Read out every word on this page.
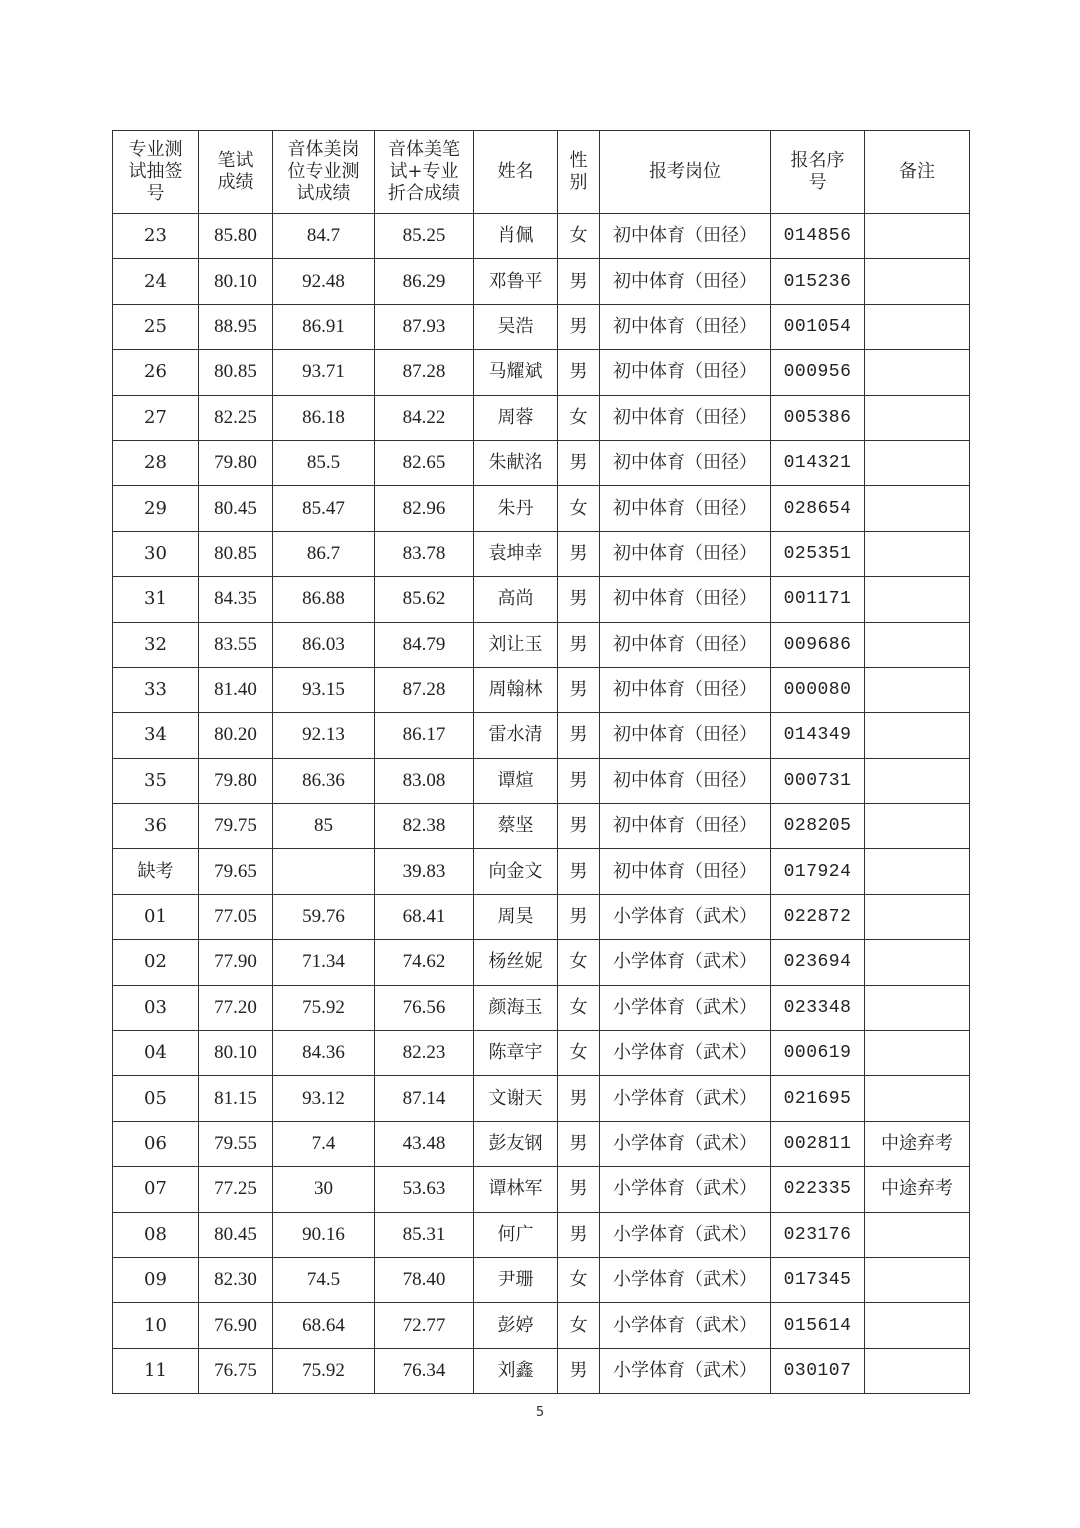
专业测试抽签号	笔试成绩	音体美岗位专业测试成绩	音体美笔试+专业折合成绩	姓名	性别	报考岗位	报名序号	备注
23	85.80	84.7	85.25	肖佩	女	初中体育（田径）	014856	
24	80.10	92.48	86.29	邓鲁平	男	初中体育（田径）	015236	
25	88.95	86.91	87.93	吴浩	男	初中体育（田径）	001054	
26	80.85	93.71	87.28	马耀斌	男	初中体育（田径）	000956	
27	82.25	86.18	84.22	周蓉	女	初中体育（田径）	005386	
28	79.80	85.5	82.65	朱献洺	男	初中体育（田径）	014321	
29	80.45	85.47	82.96	朱丹	女	初中体育（田径）	028654	
30	80.85	86.7	83.78	袁坤幸	男	初中体育（田径）	025351	
31	84.35	86.88	85.62	高尚	男	初中体育（田径）	001171	
32	83.55	86.03	84.79	刘让玉	男	初中体育（田径）	009686	
33	81.40	93.15	87.28	周翰林	男	初中体育（田径）	000080	
34	80.20	92.13	86.17	雷水清	男	初中体育（田径）	014349	
35	79.80	86.36	83.08	谭煊	男	初中体育（田径）	000731	
36	79.75	85	82.38	蔡坚	男	初中体育（田径）	028205	
缺考	79.65		39.83	向金文	男	初中体育（田径）	017924	
01	77.05	59.76	68.41	周昊	男	小学体育（武术）	022872	
02	77.90	71.34	74.62	杨丝妮	女	小学体育（武术）	023694	
03	77.20	75.92	76.56	颜海玉	女	小学体育（武术）	023348	
04	80.10	84.36	82.23	陈章宇	女	小学体育（武术）	000619	
05	81.15	93.12	87.14	文谢天	男	小学体育（武术）	021695	
06	79.55	7.4	43.48	彭友钢	男	小学体育（武术）	002811	中途弃考
07	77.25	30	53.63	谭林军	男	小学体育（武术）	022335	中途弃考
08	80.45	90.16	85.31	何广	男	小学体育（武术）	023176	
09	82.30	74.5	78.40	尹珊	女	小学体育（武术）	017345	
10	76.90	68.64	72.77	彭婷	女	小学体育（武术）	015614	
11	76.75	75.92	76.34	刘鑫	男	小学体育（武术）	030107	
5
